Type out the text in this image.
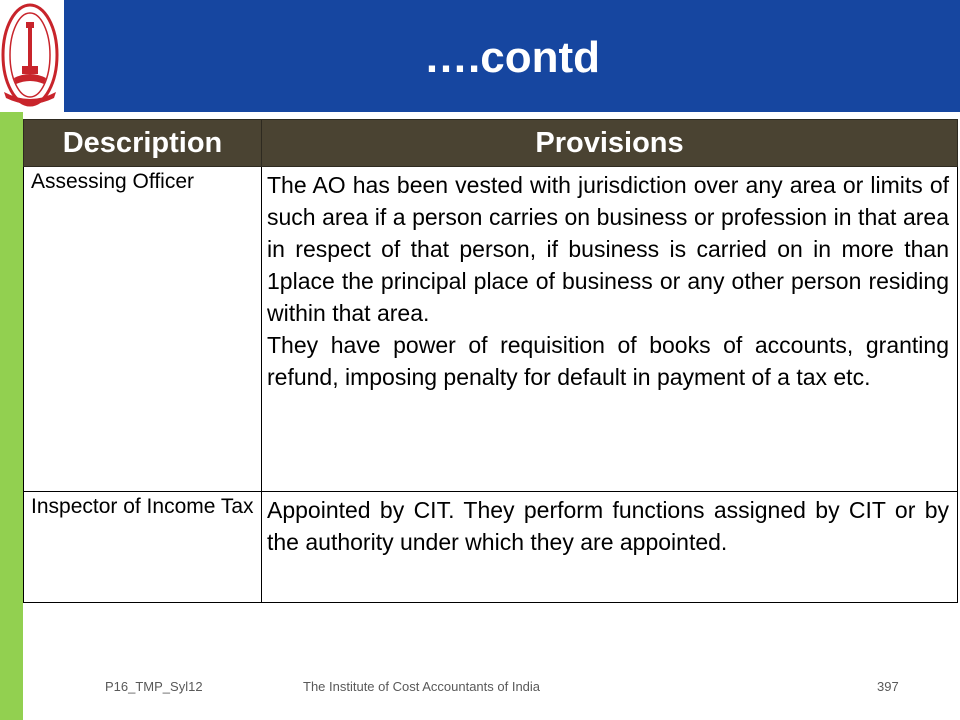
….contd
Description	Provisions
Assessing Officer	The AO has been vested with jurisdiction over any area or limits of such area if a person carries on business or profession in that area in respect of that person, if business is carried on in more than 1place the principal place of business or any other person residing within that area.

They have power of requisition of books of accounts, granting refund, imposing penalty for default in payment of a tax etc.

Inspector of Income Tax	Appointed by CIT. They perform functions assigned by CIT or by the authority under which they are appointed.

P16_TMP_Syl12	The Institute of Cost Accountants of India	397
